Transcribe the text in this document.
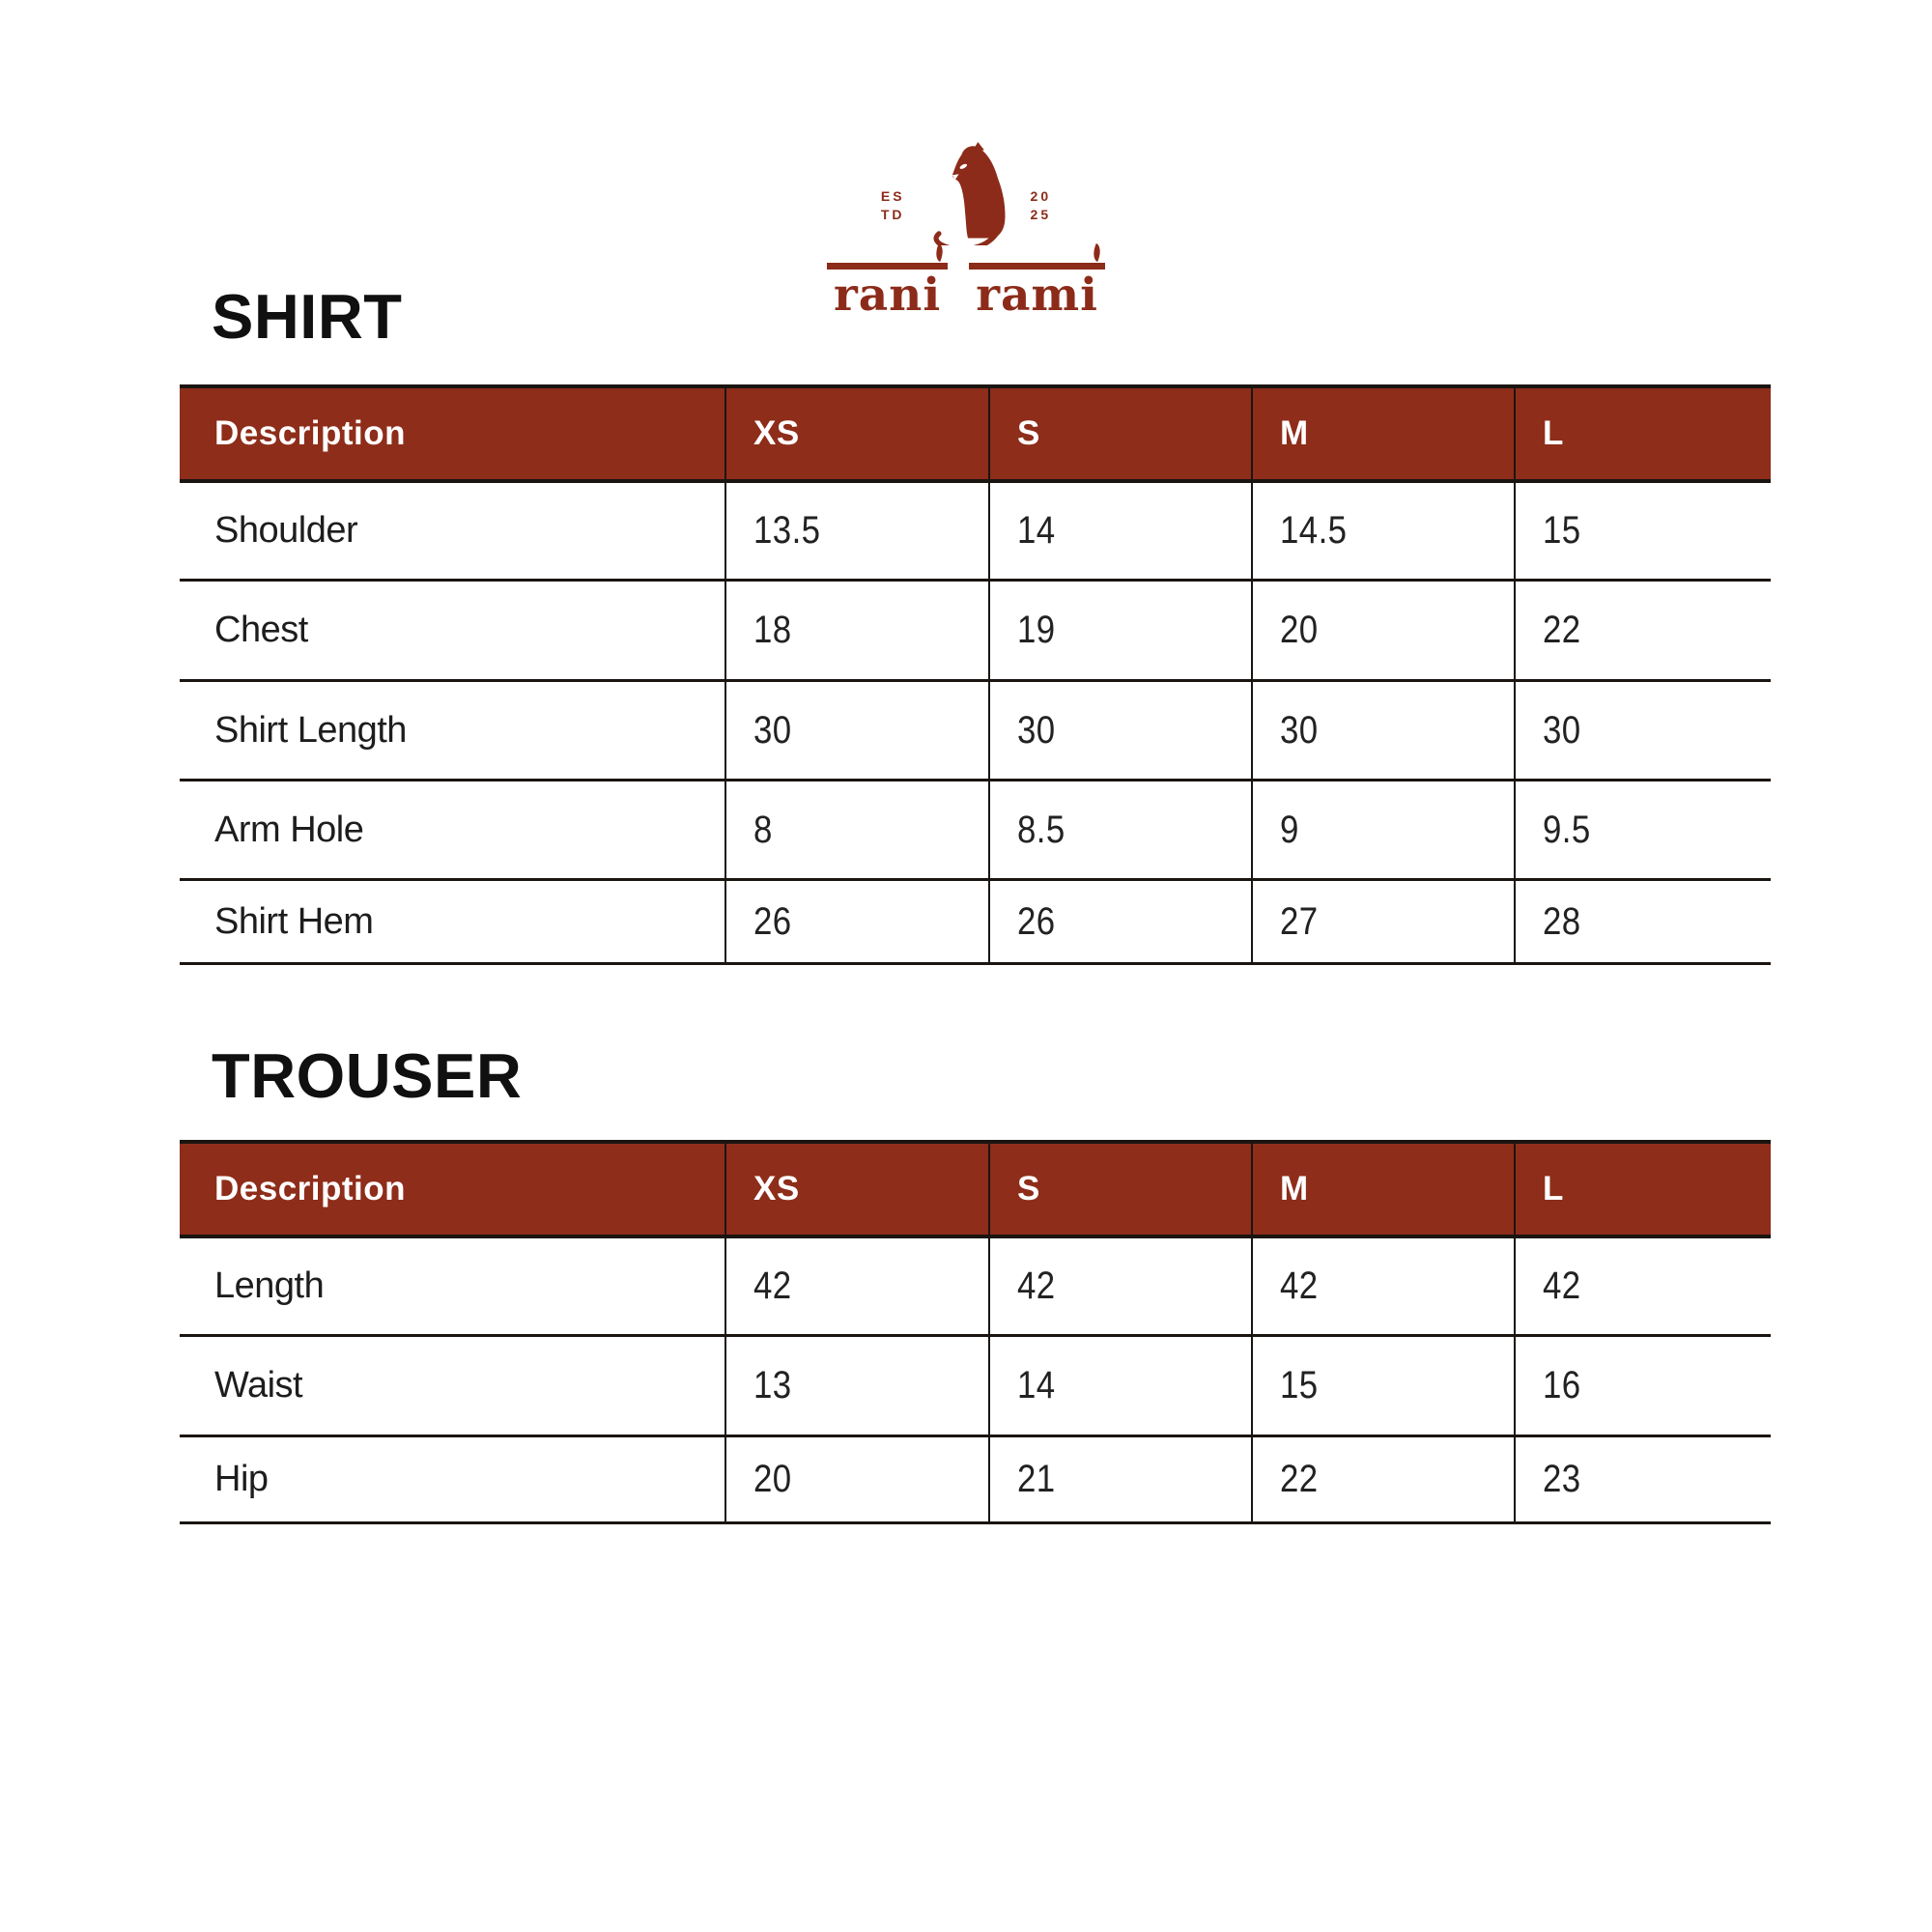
ES
TD
20
25
rani rami
SHIRT
Description	XS	S	M	L
Shoulder	13.5	14	14.5	15
Chest	18	19	20	22
Shirt Length	30	30	30	30
Arm Hole	8	8.5	9	9.5
Shirt Hem	26	26	27	28
TROUSER
Description	XS	S	M	L
Length	42	42	42	42
Waist	13	14	15	16
Hip	20	21	22	23
